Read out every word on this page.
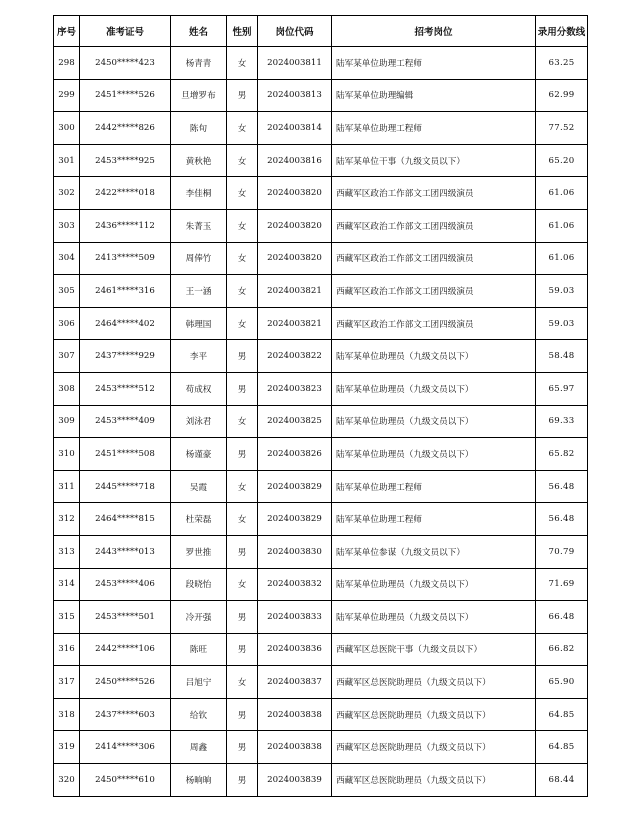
序号	准考证号	姓名	性别	岗位代码	招考岗位	录用分数线
298	2450*****423	杨青青	女	2024003811	陆军某单位助理工程师	63.25
299	2451*****526	旦增罗布	男	2024003813	陆军某单位助理编辑	62.99
300	2442*****826	陈旬	女	2024003814	陆军某单位助理工程师	77.52
301	2453*****925	黄秋艳	女	2024003816	陆军某单位干事（九级文员以下）	65.20
302	2422*****018	李佳桐	女	2024003820	西藏军区政治工作部文工团四级演员	61.06
303	2436*****112	朱菁玉	女	2024003820	西藏军区政治工作部文工团四级演员	61.06
304	2413*****509	周俸竹	女	2024003820	西藏军区政治工作部文工团四级演员	61.06
305	2461*****316	王一涵	女	2024003821	西藏军区政治工作部文工团四级演员	59.03
306	2464*****402	韩理国	女	2024003821	西藏军区政治工作部文工团四级演员	59.03
307	2437*****929	李平	男	2024003822	陆军某单位助理员（九级文员以下）	58.48
308	2453*****512	苟成权	男	2024003823	陆军某单位助理员（九级文员以下）	65.97
309	2453*****409	刘泳君	女	2024003825	陆军某单位助理员（九级文员以下）	69.33
310	2451*****508	杨谨豪	男	2024003826	陆军某单位助理员（九级文员以下）	65.82
311	2445*****718	吴霞	女	2024003829	陆军某单位助理工程师	56.48
312	2464*****815	杜荣磊	女	2024003829	陆军某单位助理工程师	56.48
313	2443*****013	罗世推	男	2024003830	陆军某单位参谋（九级文员以下）	70.79
314	2453*****406	段晓怡	女	2024003832	陆军某单位助理员（九级文员以下）	71.69
315	2453*****501	冷开强	男	2024003833	陆军某单位助理员（九级文员以下）	66.48
316	2442*****106	陈旺	男	2024003836	西藏军区总医院干事（九级文员以下）	66.82
317	2450*****526	吕旭宁	女	2024003837	西藏军区总医院助理员（九级文员以下）	65.90
318	2437*****603	给钦	男	2024003838	西藏军区总医院助理员（九级文员以下）	64.85
319	2414*****306	周鑫	男	2024003838	西藏军区总医院助理员（九级文员以下）	64.85
320	2450*****610	杨晌晌	男	2024003839	西藏军区总医院助理员（九级文员以下）	68.44
